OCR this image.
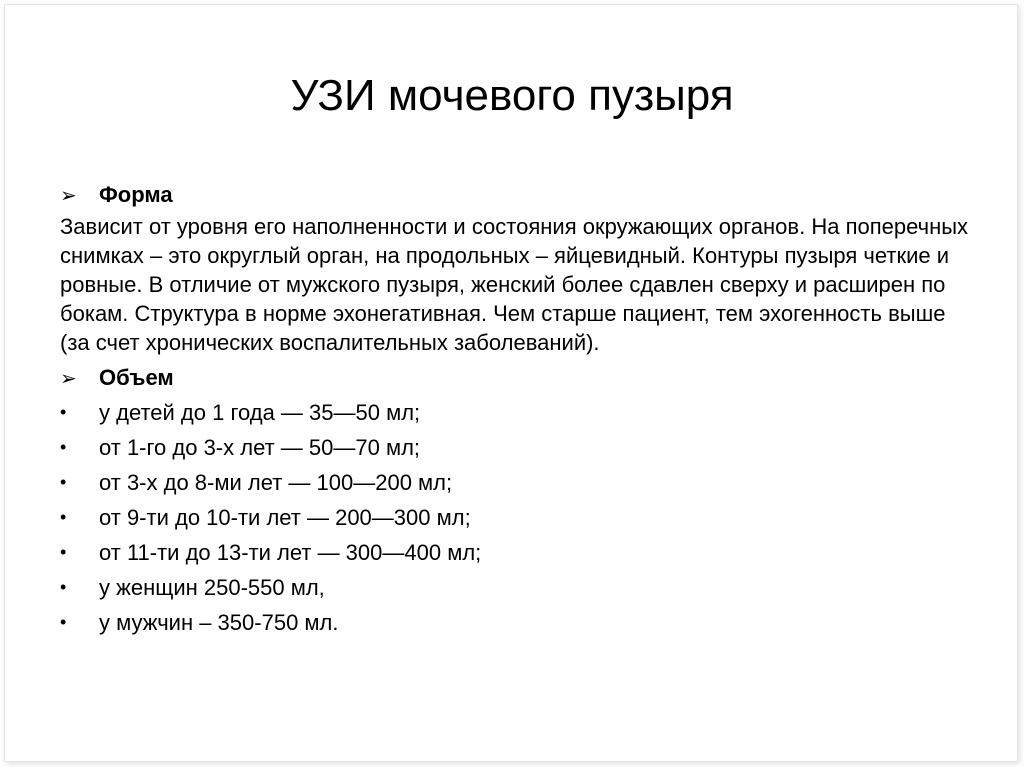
УЗИ мочевого пузыря
➢	Форма
Зависит от уровня его наполненности и состояния окружающих органов. На поперечных снимках – это округлый орган, на продольных – яйцевидный. Контуры пузыря четкие и ровные. В отличие от мужского пузыря, женский более сдавлен сверху и расширен по бокам. Структура в норме эхонегативная. Чем старше пациент, тем эхогенность выше (за счет хронических воспалительных заболеваний).
➢	Объем
•	у детей до 1 года — 35—50 мл;
•	от 1-го до 3-х лет — 50—70 мл;
•	от 3-х до 8-ми лет — 100—200 мл;
•	от 9-ти до 10-ти лет — 200—300 мл;
•	от 11-ти до 13-ти лет — 300—400 мл;
•	у женщин 250-550 мл,
•	у мужчин – 350-750 мл.
